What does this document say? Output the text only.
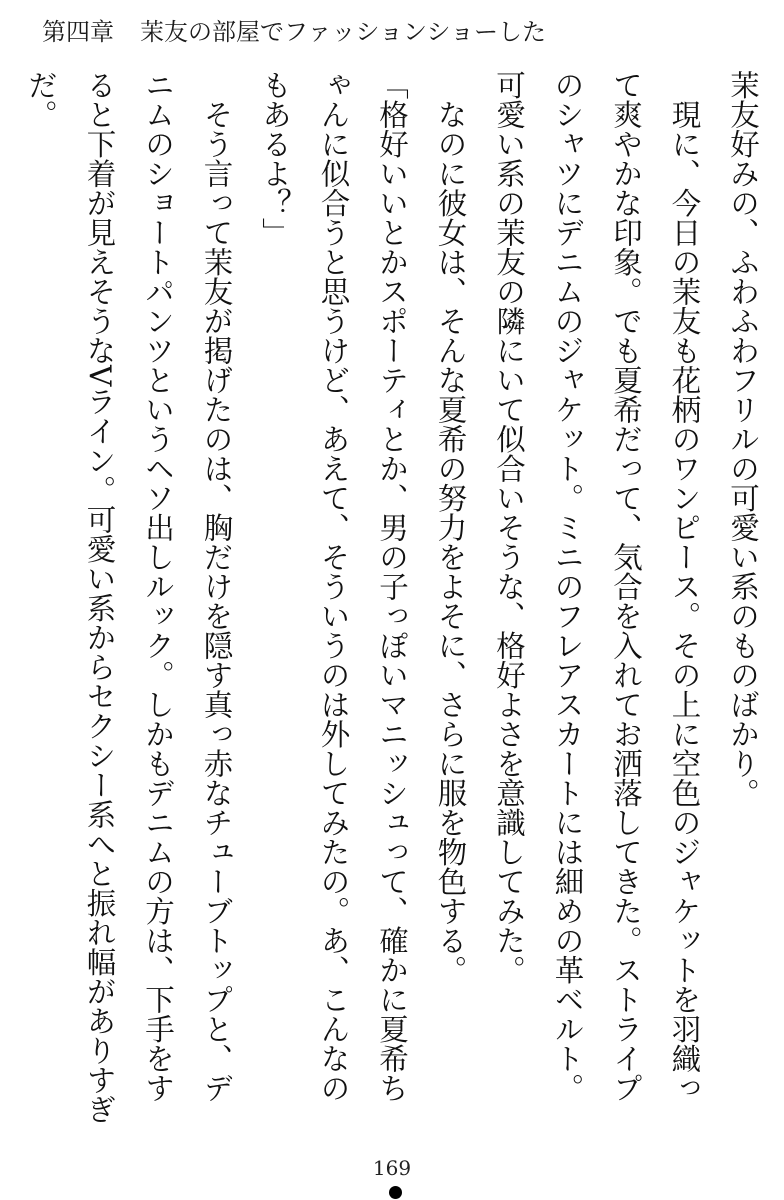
第四章 茉友の部屋でファッションショーした

茉友好みの、ふわふわフリルの可愛い系のものばかり。

　現に、今日の茉友も花柄のワンピース。その上に空色のジャケットを羽織って爽やかな印象。でも夏希だって、気合を入れてお洒落してきた。ストライプのシャツにデニムのジャケット。ミニのフレアスカートには細めの革ベルト。可愛い系の茉友の隣にいて似合いそうな、格好よさを意識してみた。

　なのに彼女は、そんな夏希の努力をよそに、さらに服を物色する。

「格好いいとかスポーティとか、男の子っぽいマニッシュって、確かに夏希ちゃんに似合うと思うけど、あえて、そういうのは外してみたの。あ、こんなのもあるよ？」

　そう言って茉友が掲げたのは、胸だけを隠す真っ赤なチューブトップと、デニムのショートパンツというヘソ出しルック。しかもデニムの方は、下手をすると下着が見えそうなVライン。可愛い系からセクシー系へと振れ幅がありすぎだ。

169
